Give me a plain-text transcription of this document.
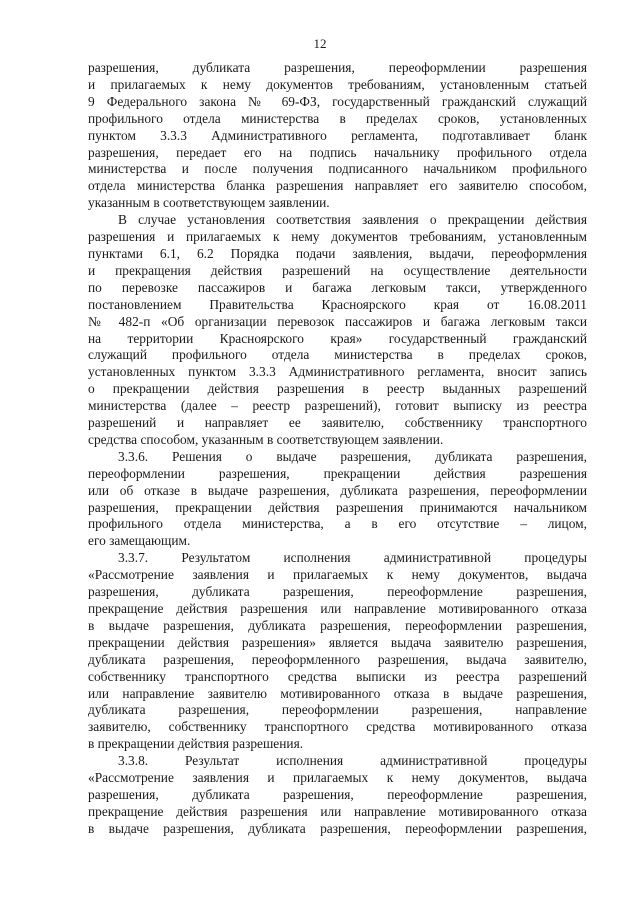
12

разрешения, дубликата разрешения, переоформлении разрешения
и прилагаемых к нему документов требованиям, установленным статьей
9 Федерального закона № 69-ФЗ, государственный гражданский служащий
профильного отдела министерства в пределах сроков, установленных
пунктом 3.3.3 Административного регламента, подготавливает бланк
разрешения, передает его на подпись начальнику профильного отдела
министерства и после получения подписанного начальником профильного
отдела министерства бланка разрешения направляет его заявителю способом,
указанным в соответствующем заявлении.

В случае установления соответствия заявления о прекращении действия
разрешения и прилагаемых к нему документов требованиям, установленным
пунктами 6.1, 6.2 Порядка подачи заявления, выдачи, переоформления
и прекращения действия разрешений на осуществление деятельности
по перевозке пассажиров и багажа легковым такси, утвержденного
постановлением Правительства Красноярского края от 16.08.2011
№ 482-п «Об организации перевозок пассажиров и багажа легковым такси
на территории Красноярского края» государственный гражданский
служащий профильного отдела министерства в пределах сроков,
установленных пунктом 3.3.3 Административного регламента, вносит запись
о прекращении действия разрешения в реестр выданных разрешений
министерства (далее – реестр разрешений), готовит выписку из реестра
разрешений и направляет ее заявителю, собственнику транспортного
средства способом, указанным в соответствующем заявлении.

3.3.6. Решения о выдаче разрешения, дубликата разрешения,
переоформлении разрешения, прекращении действия разрешения
или об отказе в выдаче разрешения, дубликата разрешения, переоформлении
разрешения, прекращении действия разрешения принимаются начальником
профильного отдела министерства, а в его отсутствие – лицом,
его замещающим.

3.3.7. Результатом исполнения административной процедуры
«Рассмотрение заявления и прилагаемых к нему документов, выдача
разрешения, дубликата разрешения, переоформление разрешения,
прекращение действия разрешения или направление мотивированного отказа
в выдаче разрешения, дубликата разрешения, переоформлении разрешения,
прекращении действия разрешения» является выдача заявителю разрешения,
дубликата разрешения, переоформленного разрешения, выдача заявителю,
собственнику транспортного средства выписки из реестра разрешений
или направление заявителю мотивированного отказа в выдаче разрешения,
дубликата разрешения, переоформлении разрешения, направление
заявителю, собственнику транспортного средства мотивированного отказа
в прекращении действия разрешения.

3.3.8. Результат исполнения административной процедуры
«Рассмотрение заявления и прилагаемых к нему документов, выдача
разрешения, дубликата разрешения, переоформление разрешения,
прекращение действия разрешения или направление мотивированного отказа
в выдаче разрешения, дубликата разрешения, переоформлении разрешения,
